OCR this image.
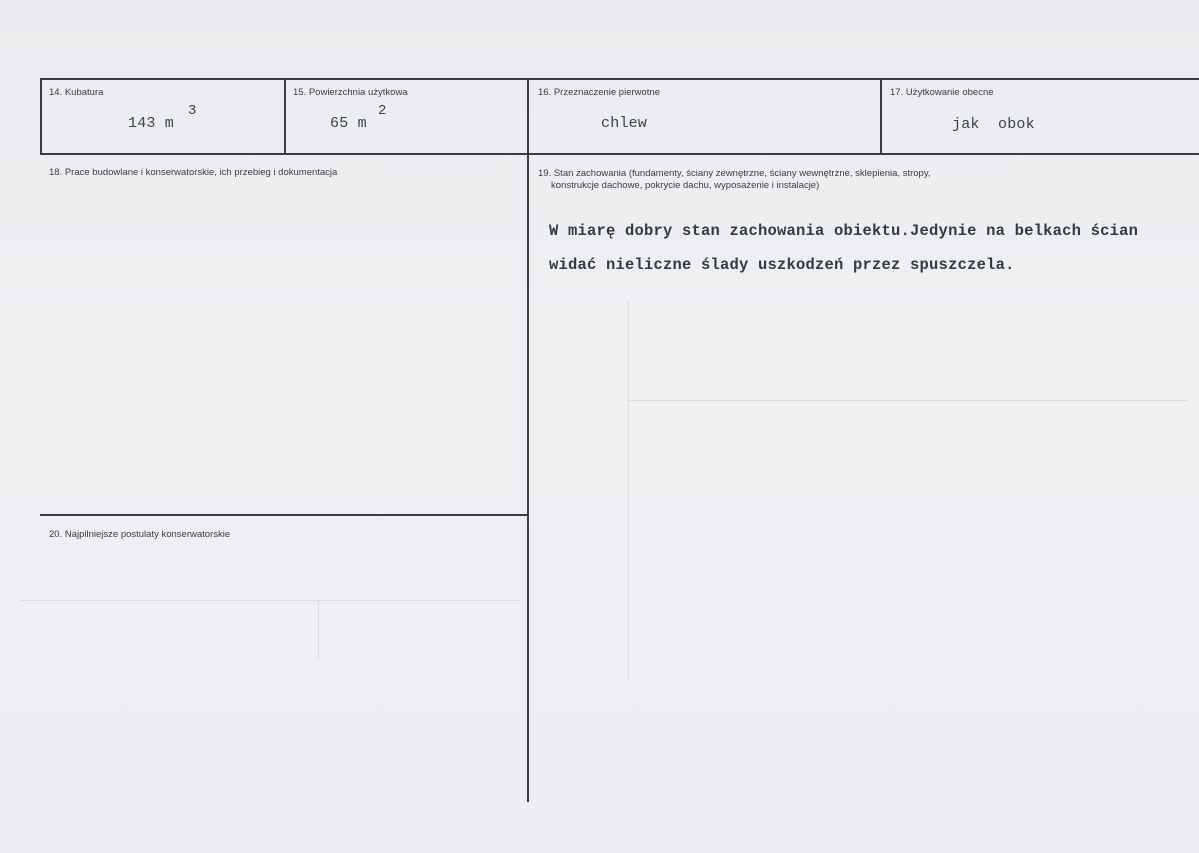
14. Kubatura
143 m
3
15. Powierzchnia użytkowa
65 m
2
16. Przeznaczenie pierwotne
chlew
17. Użytkowanie obecne
jak  obok
18. Prace budowlane i konserwatorskie, ich przebieg i dokumentacja	19. Stan zachowania (fundamenty, ściany zewnętrzne, ściany wewnętrzne, sklepienia, stropy,
konstrukcje dachowe, pokrycie dachu, wyposażenie i instalacje)
W miarę dobry stan zachowania obiektu.Jedynie na belkach ścian
widać nieliczne ślady uszkodzeń przez spuszczela.
20. Najpilniejsze postulaty konserwatorskie
